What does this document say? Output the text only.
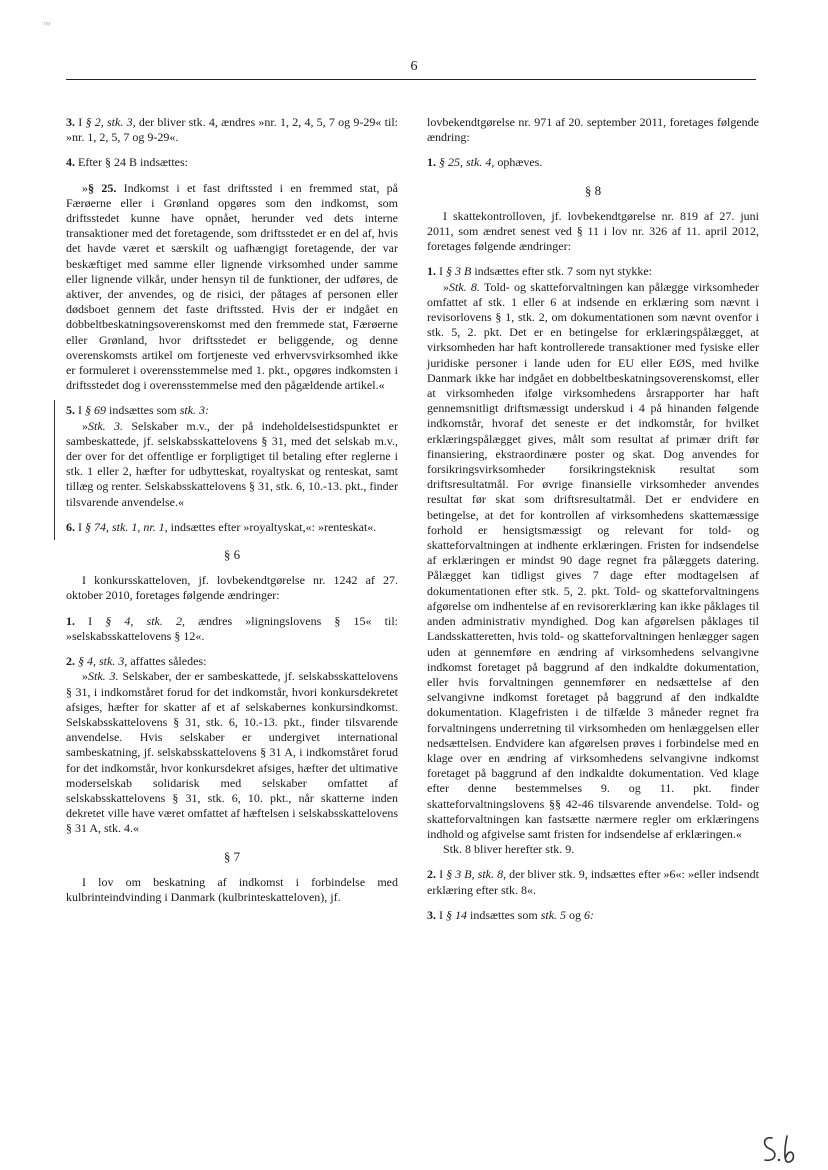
™
6

3. I § 2, stk. 3, der bliver stk. 4, ændres »nr. 1, 2, 4, 5, 7 og 9-29« til: »nr. 1, 2, 5, 7 og 9-29«.

4. Efter § 24 B indsættes:

»§ 25. Indkomst i et fast driftssted i en fremmed stat, på Færøerne eller i Grønland opgøres som den indkomst, som driftsstedet kunne have opnået, herunder ved dets interne transaktioner med det foretagende, som driftsstedet er en del af, hvis det havde været et særskilt og uafhængigt foretagende, der var beskæftiget med samme eller lignende virksomhed under samme eller lignende vilkår, under hensyn til de funktioner, der udføres, de aktiver, der anvendes, og de risici, der påtages af personen eller dødsboet gennem det faste driftssted. Hvis der er indgået en dobbeltbeskatningsoverenskomst med den fremmede stat, Færøerne eller Grønland, hvor driftsstedet er beliggende, og denne overenskomsts artikel om fortjeneste ved erhvervsvirksomhed ikke er formuleret i overensstemmelse med 1. pkt., opgøres indkomsten i driftsstedet dog i overensstemmelse med den pågældende artikel.«

5. I § 69 indsættes som stk. 3:

»Stk. 3. Selskaber m.v., der på indeholdelsestidspunktet er sambeskattede, jf. selskabsskattelovens § 31, med det selskab m.v., der over for det offentlige er forpligtiget til betaling efter reglerne i stk. 1 eller 2, hæfter for udbytteskat, royaltyskat og renteskat, samt tillæg og renter. Selskabsskattelovens § 31, stk. 6, 10.-13. pkt., finder tilsvarende anvendelse.«

6. I § 74, stk. 1, nr. 1, indsættes efter »royaltyskat,«: »renteskat«.

§ 6

I konkursskatteloven, jf. lovbekendtgørelse nr. 1242 af 27. oktober 2010, foretages følgende ændringer:

1. I § 4, stk. 2, ændres »ligningslovens § 15« til: »selskabsskattelovens § 12«.

2. § 4, stk. 3, affattes således:

»Stk. 3. Selskaber, der er sambeskattede, jf. selskabsskattelovens § 31, i indkomståret forud for det indkomstår, hvori konkursdekretet afsiges, hæfter for skatter af et af selskabernes konkursindkomst. Selskabsskattelovens § 31, stk. 6, 10.-13. pkt., finder tilsvarende anvendelse. Hvis selskaber er undergivet international sambeskatning, jf. selskabsskattelovens § 31 A, i indkomståret forud for det indkomstår, hvor konkursdekret afsiges, hæfter det ultimative moderselskab solidarisk med selskaber omfattet af selskabsskattelovens § 31, stk. 6, 10. pkt., når skatterne inden dekretet ville have været omfattet af hæftelsen i selskabsskattelovens § 31 A, stk. 4.«

§ 7

I lov om beskatning af indkomst i forbindelse med kulbrinteindvinding i Danmark (kulbrinteskatteloven), jf.

lovbekendtgørelse nr. 971 af 20. september 2011, foretages følgende ændring:

1. § 25, stk. 4, ophæves.

§ 8

I skattekontrolloven, jf. lovbekendtgørelse nr. 819 af 27. juni 2011, som ændret senest ved § 11 i lov nr. 326 af 11. april 2012, foretages følgende ændringer:

1. I § 3 B indsættes efter stk. 7 som nyt stykke:

»Stk. 8. Told- og skatteforvaltningen kan pålægge virksomheder omfattet af stk. 1 eller 6 at indsende en erklæring som nævnt i revisorlovens § 1, stk. 2, om dokumentationen som nævnt ovenfor i stk. 5, 2. pkt. Det er en betingelse for erklæringspålægget, at virksomheden har haft kontrollerede transaktioner med fysiske eller juridiske personer i lande uden for EU eller EØS, med hvilke Danmark ikke har indgået en dobbeltbeskatningsoverenskomst, eller at virksomheden ifølge virksomhedens årsrapporter har haft gennemsnitligt driftsmæssigt underskud i 4 på hinanden følgende indkomstår, hvoraf det seneste er det indkomstår, for hvilket erklæringspålægget gives, målt som resultat af primær drift før finansiering, ekstraordinære poster og skat. Dog anvendes for forsikringsvirksomheder forsikringsteknisk resultat som driftsresultatmål. For øvrige finansielle virksomheder anvendes resultat før skat som driftsresultatmål. Det er endvidere en betingelse, at det for kontrollen af virksomhedens skattemæssige forhold er hensigtsmæssigt og relevant for told- og skatteforvaltningen at indhente erklæringen. Fristen for indsendelse af erklæringen er mindst 90 dage regnet fra pålæggets datering. Pålægget kan tidligst gives 7 dage efter modtagelsen af dokumentationen efter stk. 5, 2. pkt. Told- og skatteforvaltningens afgørelse om indhentelse af en revisorerklæring kan ikke påklages til anden administrativ myndighed. Dog kan afgørelsen påklages til Landsskatteretten, hvis told- og skatteforvaltningen henlægger sagen uden at gennemføre en ændring af virksomhedens selvangivne indkomst foretaget på baggrund af den indkaldte dokumentation, eller hvis forvaltningen gennemfører en nedsættelse af den selvangivne indkomst foretaget på baggrund af den indkaldte dokumentation. Klagefristen i de tilfælde 3 måneder regnet fra forvaltningens underretning til virksomheden om henlæggelsen eller nedsættelsen. Endvidere kan afgørelsen prøves i forbindelse med en klage over en ændring af virksomhedens selvangivne indkomst foretaget på baggrund af den indkaldte dokumentation. Ved klage efter denne bestemmelses 9. og 11. pkt. finder skatteforvaltningslovens §§ 42-46 tilsvarende anvendelse. Told- og skatteforvaltningen kan fastsætte nærmere regler om erklæringens indhold og afgivelse samt fristen for indsendelse af erklæringen.«

Stk. 8 bliver herefter stk. 9.

2. I § 3 B, stk. 8, der bliver stk. 9, indsættes efter »6«: »eller indsendt erklæring efter stk. 8«.

3. I § 14 indsættes som stk. 5 og 6:
